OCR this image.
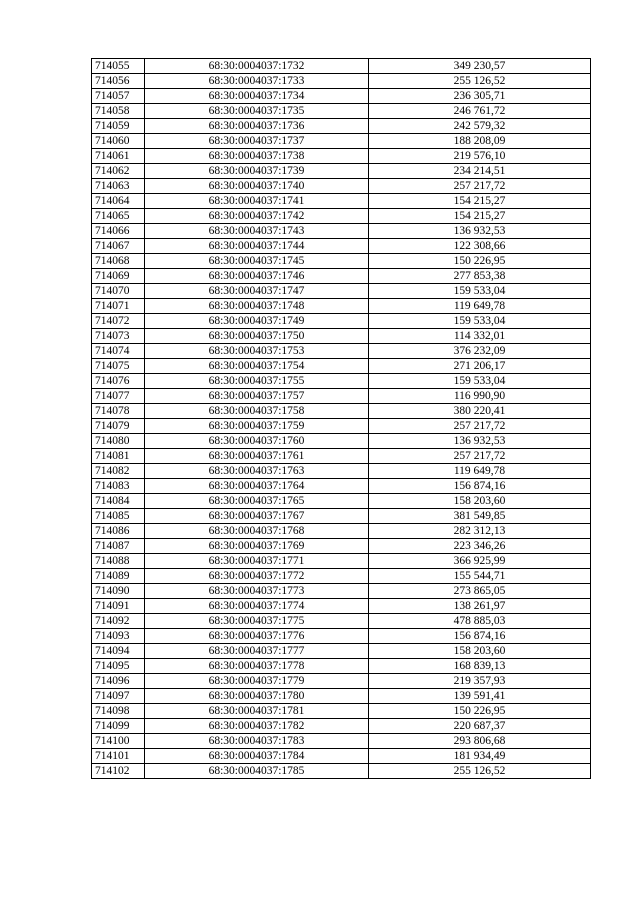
714055	68:30:0004037:1732	349 230,57
714056	68:30:0004037:1733	255 126,52
714057	68:30:0004037:1734	236 305,71
714058	68:30:0004037:1735	246 761,72
714059	68:30:0004037:1736	242 579,32
714060	68:30:0004037:1737	188 208,09
714061	68:30:0004037:1738	219 576,10
714062	68:30:0004037:1739	234 214,51
714063	68:30:0004037:1740	257 217,72
714064	68:30:0004037:1741	154 215,27
714065	68:30:0004037:1742	154 215,27
714066	68:30:0004037:1743	136 932,53
714067	68:30:0004037:1744	122 308,66
714068	68:30:0004037:1745	150 226,95
714069	68:30:0004037:1746	277 853,38
714070	68:30:0004037:1747	159 533,04
714071	68:30:0004037:1748	119 649,78
714072	68:30:0004037:1749	159 533,04
714073	68:30:0004037:1750	114 332,01
714074	68:30:0004037:1753	376 232,09
714075	68:30:0004037:1754	271 206,17
714076	68:30:0004037:1755	159 533,04
714077	68:30:0004037:1757	116 990,90
714078	68:30:0004037:1758	380 220,41
714079	68:30:0004037:1759	257 217,72
714080	68:30:0004037:1760	136 932,53
714081	68:30:0004037:1761	257 217,72
714082	68:30:0004037:1763	119 649,78
714083	68:30:0004037:1764	156 874,16
714084	68:30:0004037:1765	158 203,60
714085	68:30:0004037:1767	381 549,85
714086	68:30:0004037:1768	282 312,13
714087	68:30:0004037:1769	223 346,26
714088	68:30:0004037:1771	366 925,99
714089	68:30:0004037:1772	155 544,71
714090	68:30:0004037:1773	273 865,05
714091	68:30:0004037:1774	138 261,97
714092	68:30:0004037:1775	478 885,03
714093	68:30:0004037:1776	156 874,16
714094	68:30:0004037:1777	158 203,60
714095	68:30:0004037:1778	168 839,13
714096	68:30:0004037:1779	219 357,93
714097	68:30:0004037:1780	139 591,41
714098	68:30:0004037:1781	150 226,95
714099	68:30:0004037:1782	220 687,37
714100	68:30:0004037:1783	293 806,68
714101	68:30:0004037:1784	181 934,49
714102	68:30:0004037:1785	255 126,52
